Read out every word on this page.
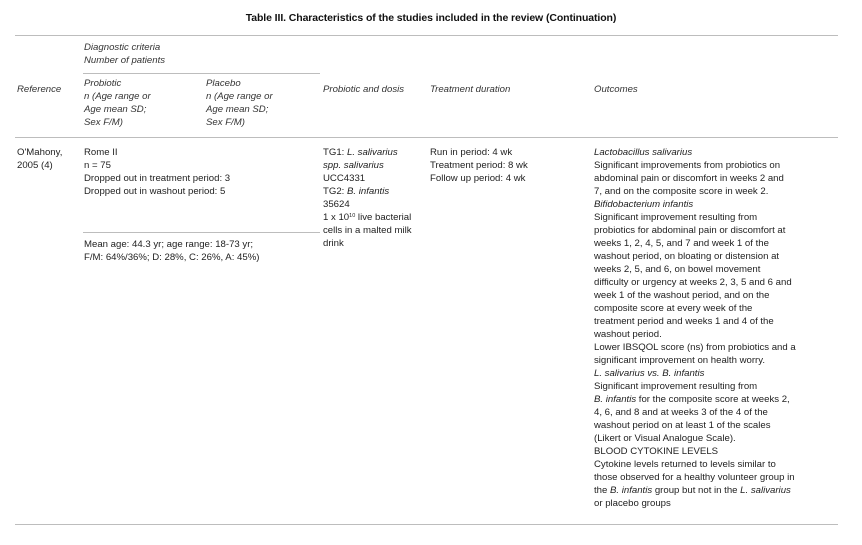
Table III. Characteristics of the studies included in the review (Continuation)
Reference
Diagnostic criteria
Number of patients
Probiotic
n (Age range or
Age mean SD;
Sex F/M)
Placebo
n (Age range or
Age mean SD;
Sex F/M)
Probiotic and dosis	Treatment duration	Outcomes
O'Mahony,
2005 (4)
Rome II
n = 75
Dropped out in treatment period: 3
Dropped out in washout period: 5
Mean age: 44.3 yr; age range: 18-73 yr;
F/M: 64%/36%; D: 28%, C: 26%, A: 45%)
TG1: L. salivarius
spp. salivarius
UCC4331
TG2: B. infantis
35624
1 x $10^{10}$ live bacterial
cells in a malted milk
drink
Run in period: 4 wk
Treatment period: 8 wk
Follow up period: 4 wk
Lactobacillus salivarius
Significant improvements from probiotics on
abdominal pain or discomfort in weeks 2 and
7, and on the composite score in week 2.
Bifidobacterium infantis
Significant improvement resulting from
probiotics for abdominal pain or discomfort at
weeks 1, 2, 4, 5, and 7 and week 1 of the
washout period, on bloating or distension at
weeks 2, 5, and 6, on bowel movement
difficulty or urgency at weeks 2, 3, 5 and 6 and
week 1 of the washout period, and on the
composite score at every week of the
treatment period and weeks 1 and 4 of the
washout period.
Lower IBSQOL score (ns) from probiotics and a
significant improvement on health worry.
L. salivarius vs. B. infantis
Significant improvement resulting from
B. infantis for the composite score at weeks 2,
4, 6, and 8 and at weeks 3 of the 4 of the
washout period on at least 1 of the scales
(Likert or Visual Analogue Scale).
BLOOD CYTOKINE LEVELS
Cytokine levels returned to levels similar to
those observed for a healthy volunteer group in
the B. infantis group but not in the L. salivarius
or placebo groups
